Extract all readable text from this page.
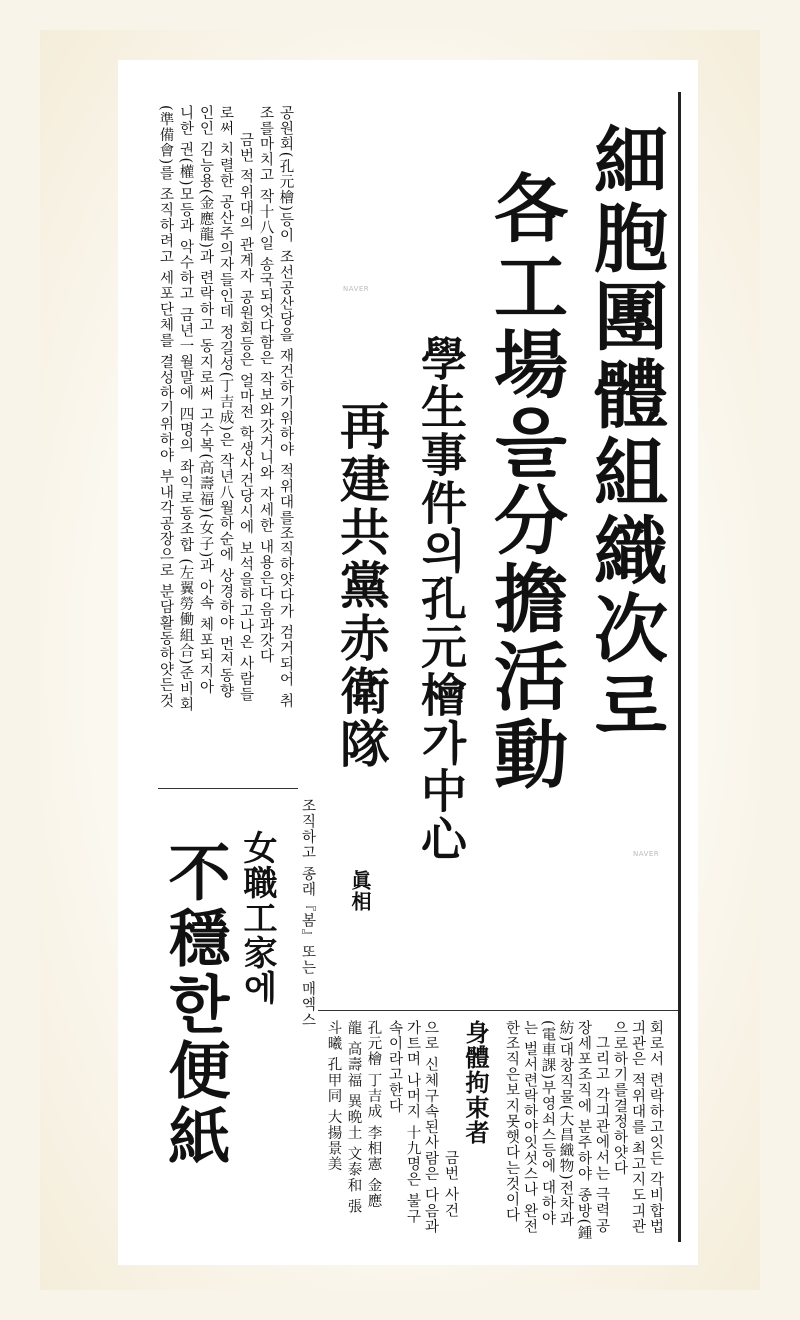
細胞團體組織次로
各工場을分擔活動
學生事件의孔元檜가中心
再建共黨赤衛隊
眞相
공원회(孔元檜)등이 조선공산당을 재건하기위하야 적위대를조직하얏다가 검거되어 취
조를마치고 작十八일 송국되엇다함은 작보와갓거니와 자세한 내용은다음과갓다
금번 적위대의 관계자 공원회등은 얼마전 학생사건당시에 보석을하고나온 사람들
로써 치렬한 공산주의자들인데 정길성(丁吉成)은 작년八월하순에 상경하야 먼저동향
인인 김능용(金應龍)과 련락하고 동지로써 고수복(高壽福)(女子)과 아속 체포되지아
니한 권(權)모등과 악수하고 금년一월말에 四명의 좌익로동조합 (左翼勞働組合)준비회
(準備會)를 조직하려고 세포단체를 결성하기위하야 부내각공장으로 분담활동하얏든것
조직하고 종래『봄』또는 매엑스
女職工家에
不穩한便紙	회로서 련락하고잇든 각비합법
긔관은 적위대를 최고지도긔관
으로하기를결정하얏다
그리고 각긔관에서는 극력공
장세포조직에 분주하야 종방(鍾
紡)대창직물(大昌織物)전차과
(電車課)부영쇠스등에 대하야
는 벌서련락하야잇섯스나 완전
한조직은보지못햇다는것이다
身體拘束者
금번 사건
으로 신체구속된사람은 다음과
가트며 나머지 十九명은 불구
속이라고한다
孔元檜 丁吉成 李相憲 金應
龍 高壽福 異晩土 文泰和 張
斗曦 孔甲同 大揚景美
NAVER
NAVER
